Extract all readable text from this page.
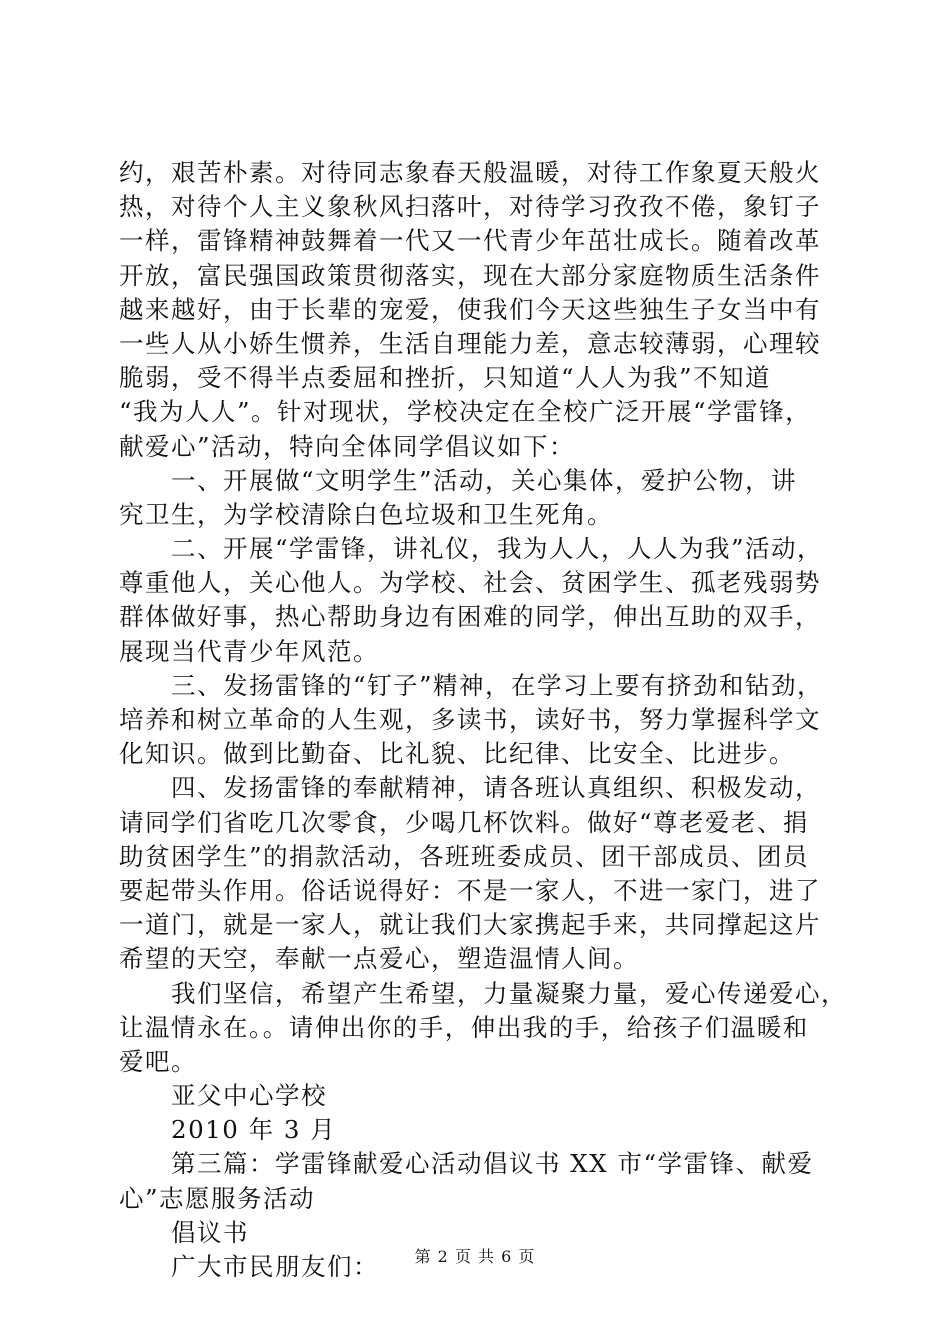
约，艰苦朴素。对待同志象春天般温暖，对待工作象夏天般火
热，对待个人主义象秋风扫落叶，对待学习孜孜不倦，象钉子
一样，雷锋精神鼓舞着一代又一代青少年茁壮成长。随着改革
开放，富民强国政策贯彻落实，现在大部分家庭物质生活条件
越来越好，由于长辈的宠爱，使我们今天这些独生子女当中有
一些人从小娇生惯养，生活自理能力差，意志较薄弱，心理较
脆弱，受不得半点委屈和挫折，只知道“人人为我”不知道
“我为人人”。针对现状，学校决定在全校广泛开展“学雷锋，
献爱心”活动，特向全体同学倡议如下：
　　一、开展做“文明学生”活动，关心集体，爱护公物，讲
究卫生，为学校清除白色垃圾和卫生死角。
　　二、开展“学雷锋，讲礼仪，我为人人，人人为我”活动，
尊重他人，关心他人。为学校、社会、贫困学生、孤老残弱势
群体做好事，热心帮助身边有困难的同学，伸出互助的双手，
展现当代青少年风范。
　　三、发扬雷锋的“钉子”精神，在学习上要有挤劲和钻劲，
培养和树立革命的人生观，多读书，读好书，努力掌握科学文
化知识。做到比勤奋、比礼貌、比纪律、比安全、比进步。
　　四、发扬雷锋的奉献精神，请各班认真组织、积极发动，
请同学们省吃几次零食，少喝几杯饮料。做好“尊老爱老、捐
助贫困学生”的捐款活动，各班班委成员、团干部成员、团员
要起带头作用。俗话说得好：不是一家人，不进一家门，进了
一道门，就是一家人，就让我们大家携起手来，共同撑起这片
希望的天空，奉献一点爱心，塑造温情人间。
　　我们坚信，希望产生希望，力量凝聚力量，爱心传递爱心，
让温情永在。。请伸出你的手，伸出我的手，给孩子们温暖和
爱吧。
　　亚父中心学校
　　2010 年 3 月
　　第三篇：学雷锋献爱心活动倡议书 XX 市“学雷锋、献爱
心”志愿服务活动
　　倡议书
　　广大市民朋友们：	第 2 页 共 6 页
